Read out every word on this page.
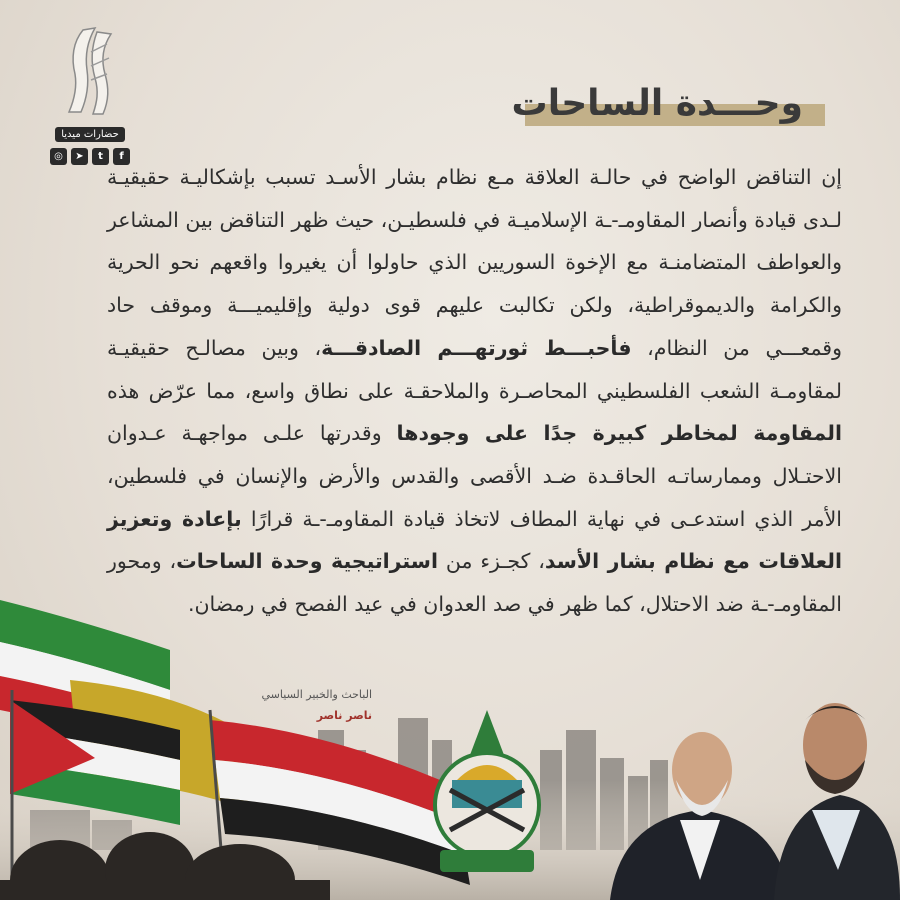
حضارات ميديا
◎	➤	t	f
وحـــدة الساحات
إن التناقض الواضح في حالـة العلاقة مـع نظام بشار الأسـد تسبب بإشكاليـة حقيقيـة لـدى قيادة وأنصار المقاومـ-ـة الإسلاميـة في فلسطيـن، حيث ظهر التناقض بين المشاعر والعواطف المتضامنـة مع الإخوة السوريين الذي حاولوا أن يغيروا واقعهم نحو الحرية والكرامة والديموقراطية، ولكن تكالبت عليهم قوى دولية وإقليميـــة وموقف حاد وقمعـــي من النظام، فأحبـــط ثورتهـــم الصادقـــة، وبين مصالـح حقيقيـة لمقاومـة الشعب الفلسطيني المحاصـرة والملاحقـة على نطاق واسع، مما عرّض هذه المقاومة لمخاطر كبيرة جدًا على وجودها وقدرتها علـى مواجهـة عـدوان الاحتـلال وممارساتـه الحاقـدة ضـد الأقصى والقدس والأرض والإنسان في فلسطين، الأمر الذي استدعـى في نهاية المطاف لاتخاذ قيادة المقاومـ-ـة قرارًا بإعادة وتعزيز العلاقات مع نظام بشار الأسد، كجـزء من استراتيجية وحدة الساحات، ومحور المقاومـ-ـة ضد الاحتلال، كما ظهر في صد العدوان في عيد الفصح في رمضان.
الباحث والخبير السياسي
ناصر ناصر
